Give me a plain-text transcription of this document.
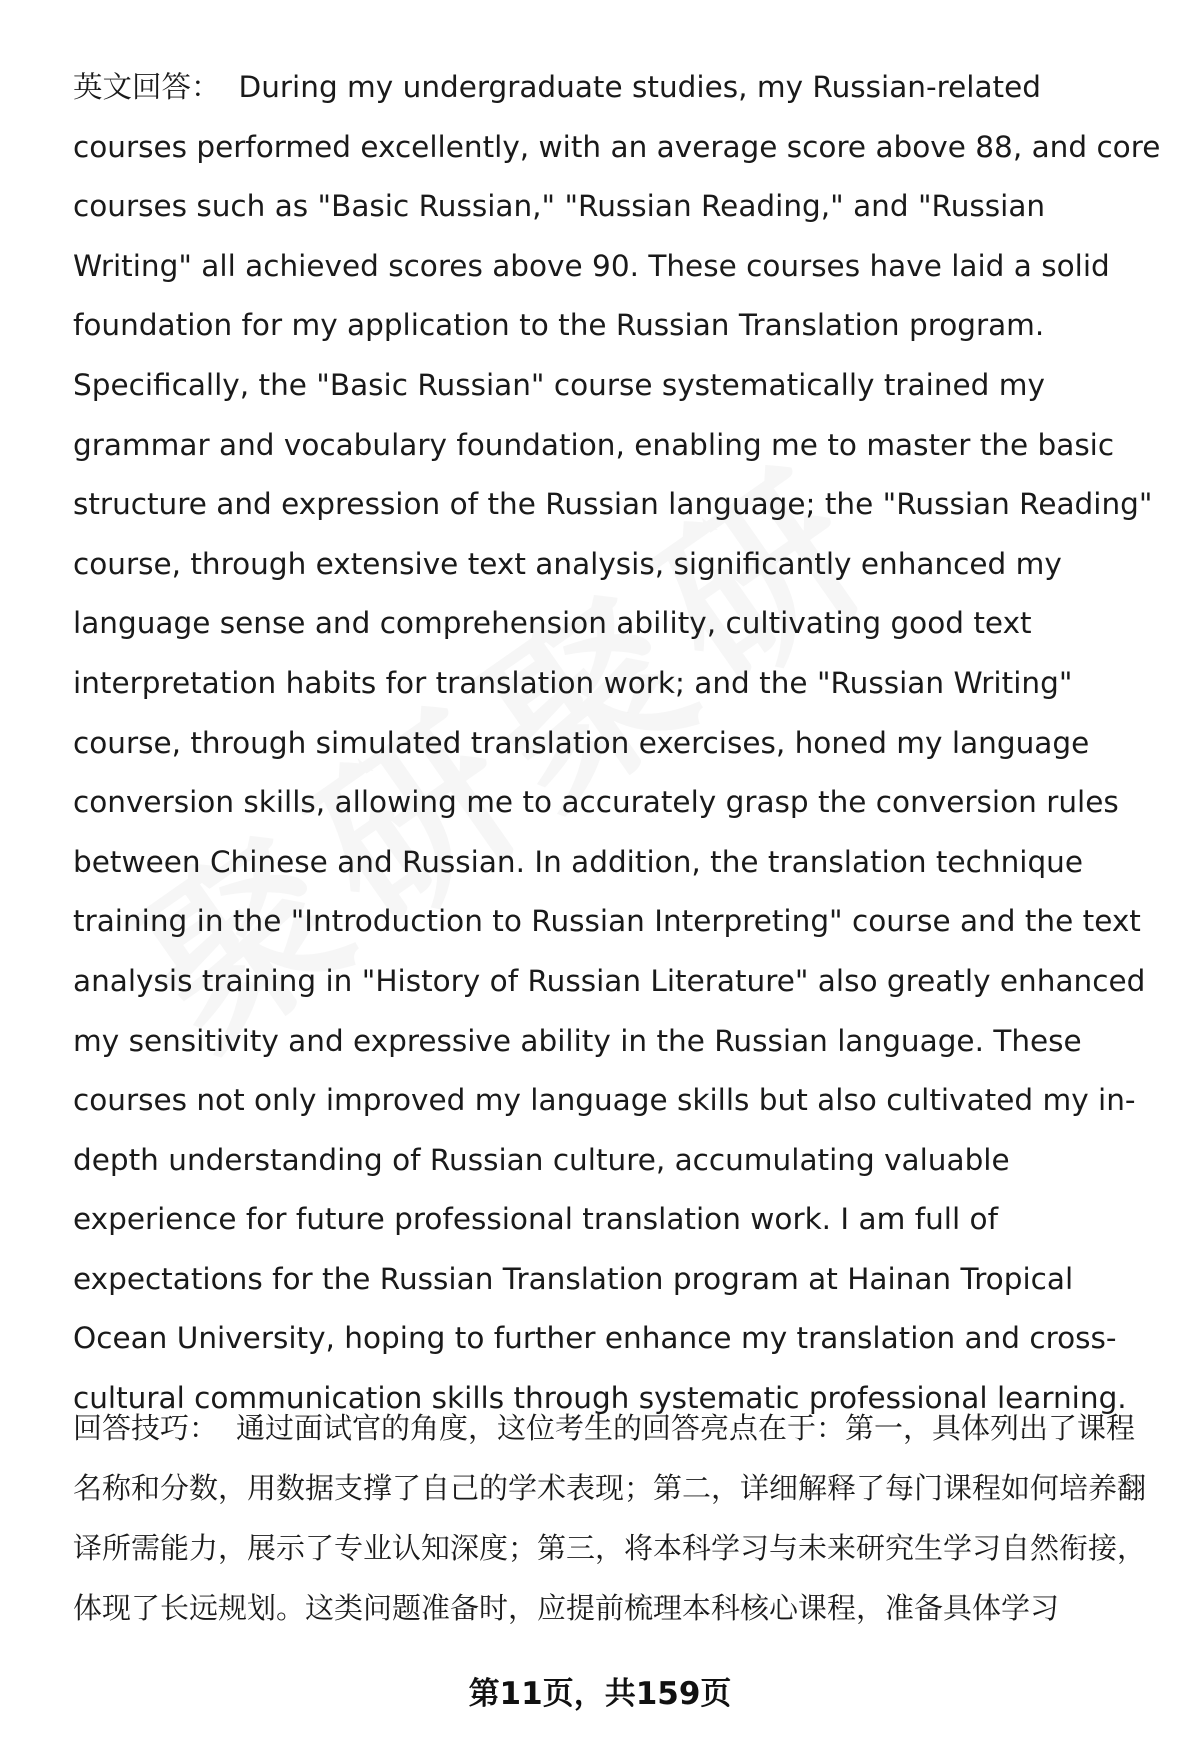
英文回答： During my undergraduate studies, my Russian-related courses performed excellently, with an average score above 88, and core courses such as "Basic Russian," "Russian Reading," and "Russian Writing" all achieved scores above 90. These courses have laid a solid foundation for my application to the Russian Translation program. Specifically, the "Basic Russian" course systematically trained my grammar and vocabulary foundation, enabling me to master the basic structure and expression of the Russian language; the "Russian Reading" course, through extensive text analysis, significantly enhanced my language sense and comprehension ability, cultivating good text interpretation habits for translation work; and the "Russian Writing" course, through simulated translation exercises, honed my language conversion skills, allowing me to accurately grasp the conversion rules between Chinese and Russian. In addition, the translation technique training in the "Introduction to Russian Interpreting" course and the text analysis training in "History of Russian Literature" also greatly enhanced my sensitivity and expressive ability in the Russian language. These courses not only improved my language skills but also cultivated my in-depth understanding of Russian culture, accumulating valuable experience for future professional translation work. I am full of expectations for the Russian Translation program at Hainan Tropical Ocean University, hoping to further enhance my translation and cross-cultural communication skills through systematic professional learning.

回答技巧： 通过面试官的角度，这位考生的回答亮点在于：第一，具体列出了课程名称和分数，用数据支撑了自己的学术表现；第二，详细解释了每门课程如何培养翻译所需能力，展示了专业认知深度；第三，将本科学习与未来研究生学习自然衔接，体现了长远规划。这类问题准备时，应提前梳理本科核心课程，准备具体学习

第11页，共159页
